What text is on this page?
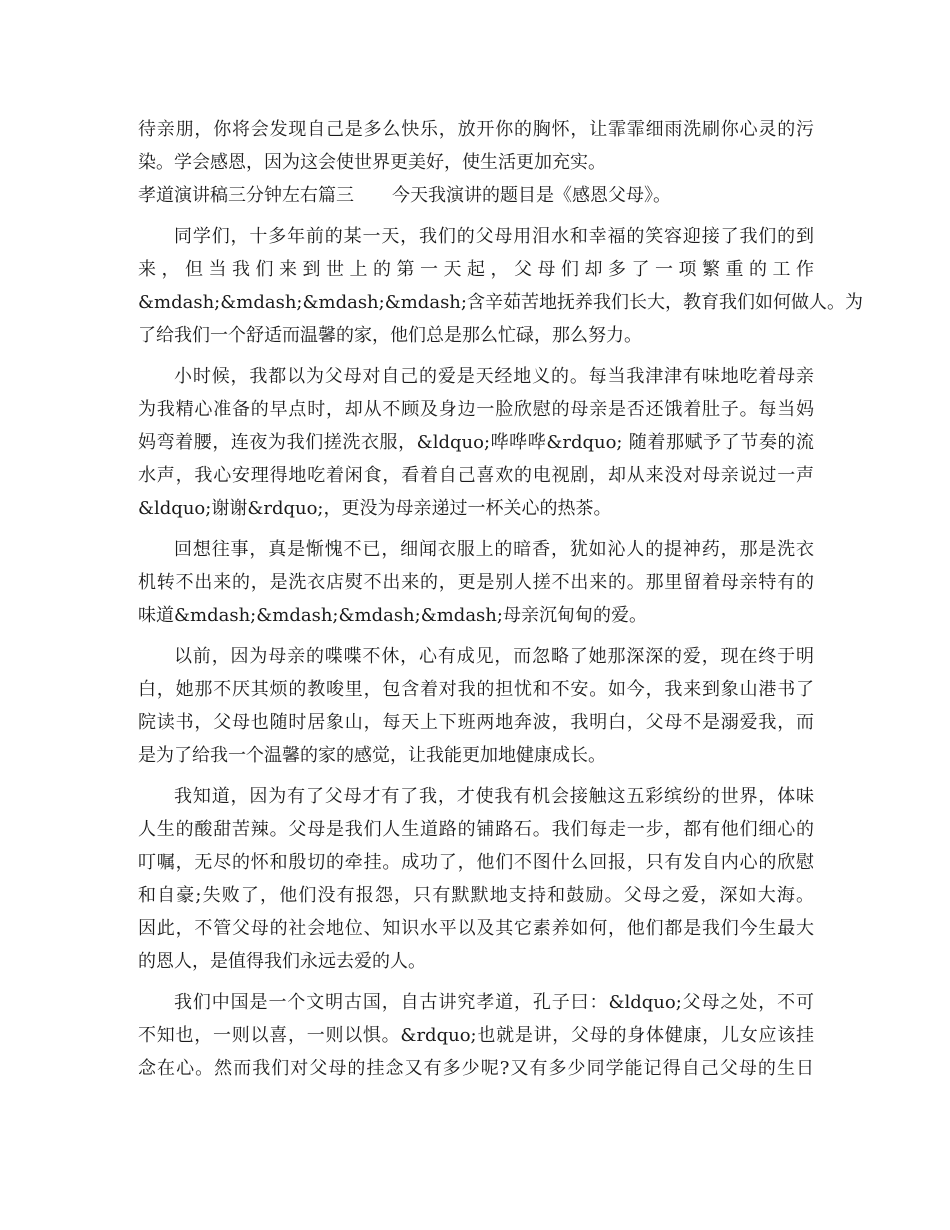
待亲朋，你将会发现自己是多么快乐，放开你的胸怀，让霏霏细雨洗刷你心灵的污
染。学会感恩，因为这会使世界更美好，使生活更加充实。
孝道演讲稿三分钟左右篇三 今天我演讲的题目是《感恩父母》。
同学们，十多年前的某一天，我们的父母用泪水和幸福的笑容迎接了我们的到
来，但当我们来到世上的第一天起，父母们却多了一项繁重的工作
&mdash;&mdash;&mdash;&mdash;含辛茹苦地抚养我们长大，教育我们如何做人。为
了给我们一个舒适而温馨的家，他们总是那么忙碌，那么努力。
小时候，我都以为父母对自己的爱是天经地义的。每当我津津有味地吃着母亲
为我精心准备的早点时，却从不顾及身边一脸欣慰的母亲是否还饿着肚子。每当妈
妈弯着腰，连夜为我们搓洗衣服，&ldquo;哗哗哗&rdquo; 随着那赋予了节奏的流
水声，我心安理得地吃着闲食，看着自己喜欢的电视剧，却从来没对母亲说过一声
&ldquo;谢谢&rdquo;，更没为母亲递过一杯关心的热茶。
回想往事，真是惭愧不已，细闻衣服上的暗香，犹如沁人的提神药，那是洗衣
机转不出来的，是洗衣店熨不出来的，更是别人搓不出来的。那里留着母亲特有的
味道&mdash;&mdash;&mdash;&mdash;母亲沉甸甸的爱。
以前，因为母亲的喋喋不休，心有成见，而忽略了她那深深的爱，现在终于明
白，她那不厌其烦的教唆里，包含着对我的担忧和不安。如今，我来到象山港书了
院读书，父母也随时居象山，每天上下班两地奔波，我明白，父母不是溺爱我，而
是为了给我一个温馨的家的感觉，让我能更加地健康成长。
我知道，因为有了父母才有了我，才使我有机会接触这五彩缤纷的世界，体味
人生的酸甜苦辣。父母是我们人生道路的铺路石。我们每走一步，都有他们细心的
叮嘱，无尽的怀和殷切的牵挂。成功了，他们不图什么回报，只有发自内心的欣慰
和自豪;失败了，他们没有报怨，只有默默地支持和鼓励。父母之爱，深如大海。
因此，不管父母的社会地位、知识水平以及其它素养如何，他们都是我们今生最大
的恩人，是值得我们永远去爱的人。
我们中国是一个文明古国，自古讲究孝道，孔子曰：&ldquo;父母之处，不可
不知也，一则以喜，一则以惧。&rdquo;也就是讲，父母的身体健康，儿女应该挂
念在心。然而我们对父母的挂念又有多少呢?又有多少同学能记得自己父母的生日
